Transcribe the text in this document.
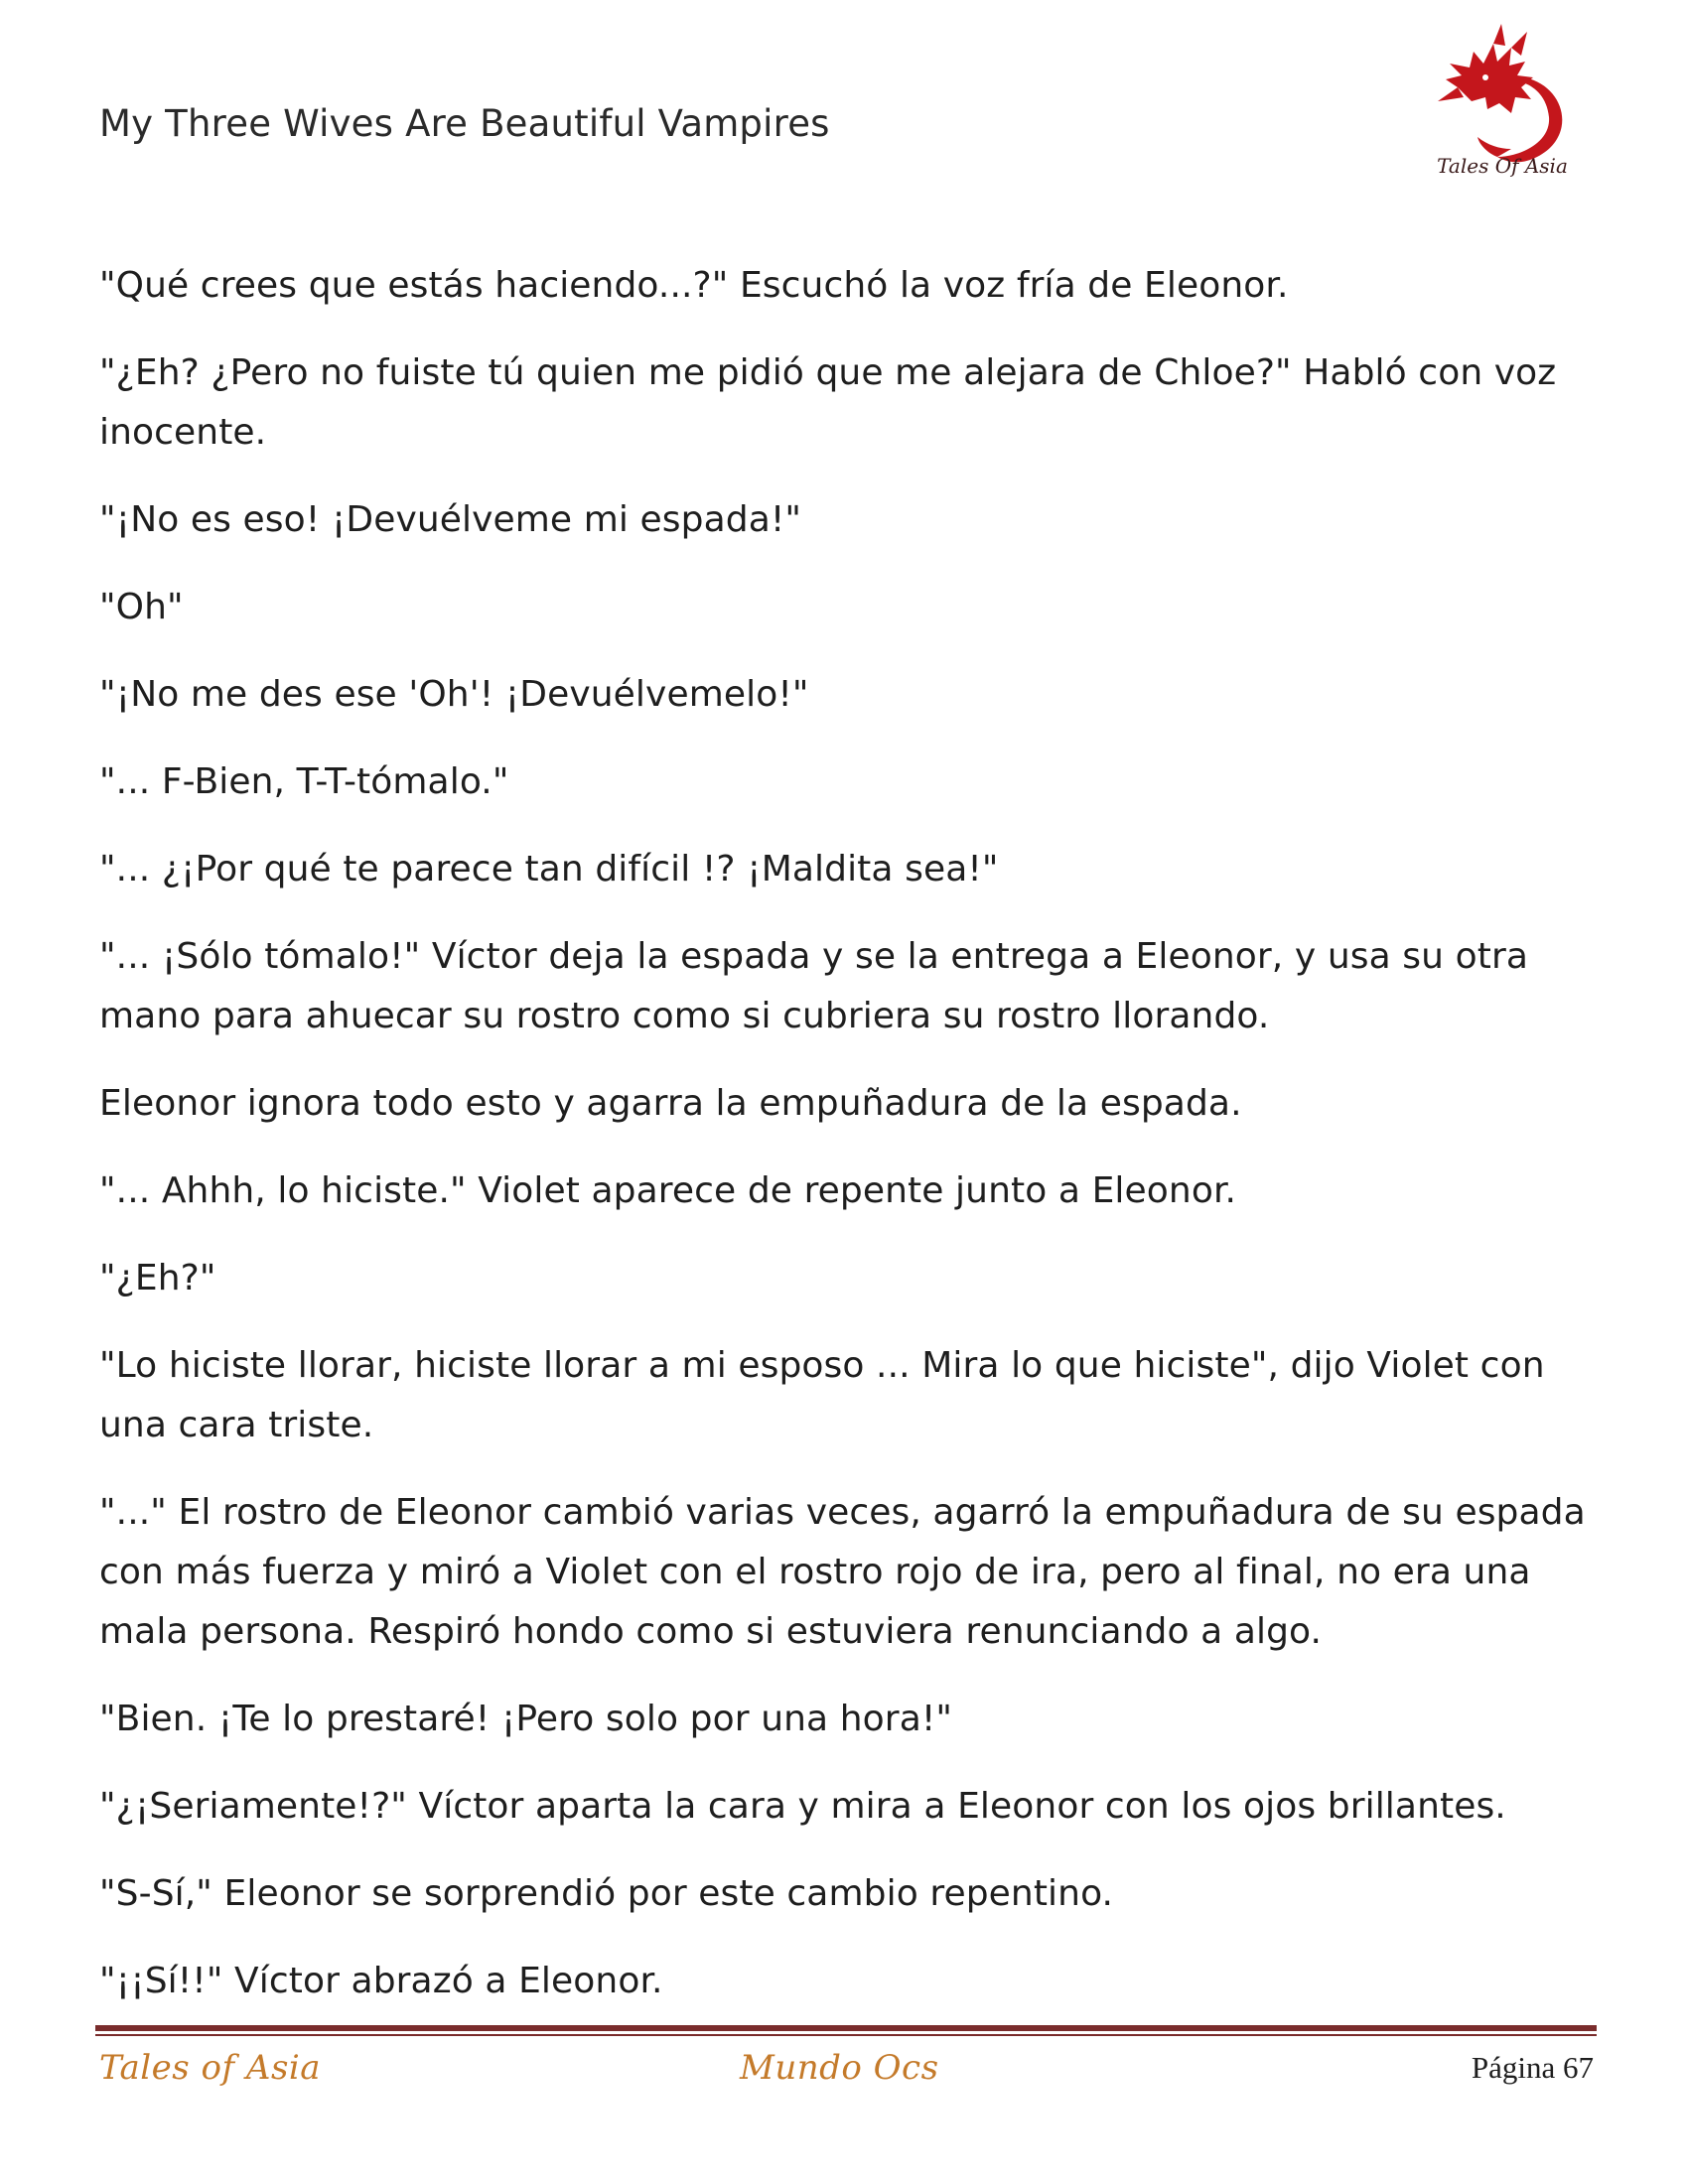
My Three Wives Are Beautiful Vampires
Tales Of Asia

"Qué crees que estás haciendo...?" Escuchó la voz fría de Eleonor.

"¿Eh? ¿Pero no fuiste tú quien me pidió que me alejara de Chloe?" Habló con voz inocente.

"¡No es eso! ¡Devuélveme mi espada!"

"Oh"

"¡No me des ese 'Oh'! ¡Devuélvemelo!"

"... F-Bien, T-T-tómalo."

"... ¿¡Por qué te parece tan difícil !? ¡Maldita sea!"

"... ¡Sólo tómalo!" Víctor deja la espada y se la entrega a Eleonor, y usa su otra mano para ahuecar su rostro como si cubriera su rostro llorando.

Eleonor ignora todo esto y agarra la empuñadura de la espada.

"... Ahhh, lo hiciste." Violet aparece de repente junto a Eleonor.

"¿Eh?"

"Lo hiciste llorar, hiciste llorar a mi esposo ... Mira lo que hiciste", dijo Violet con una cara triste.

"..." El rostro de Eleonor cambió varias veces, agarró la empuñadura de su espada con más fuerza y miró a Violet con el rostro rojo de ira, pero al final, no era una mala persona. Respiró hondo como si estuviera renunciando a algo.

"Bien. ¡Te lo prestaré! ¡Pero solo por una hora!"

"¿¡Seriamente!?" Víctor aparta la cara y mira a Eleonor con los ojos brillantes.

"S-Sí," Eleonor se sorprendió por este cambio repentino.

"¡¡Sí!!" Víctor abrazó a Eleonor.

Tales of Asia	Mundo Ocs	Página 67
